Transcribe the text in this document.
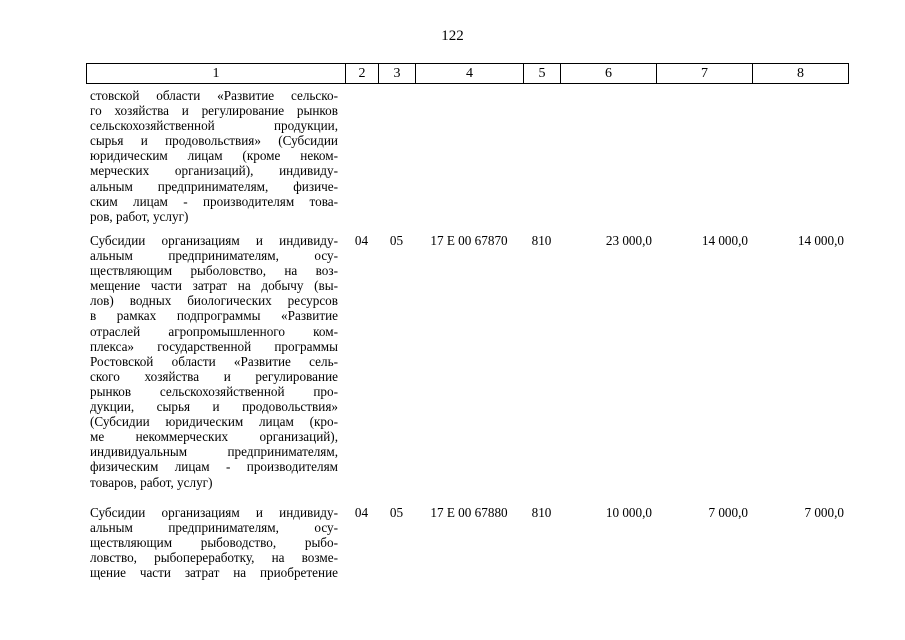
122
1	2	3	4	5	6	7	8
стовской области «Развитие сельско-
го хозяйства и регулирование рынков
сельскохозяйственной продукции,
сырья и продовольствия» (Субсидии
юридическим лицам (кроме неком-
мерческих организаций), индивиду-
альным предпринимателям, физиче-
ским лицам - производителям това-
ров, работ, услуг)
Субсидии организациям и индивиду-
альным предпринимателям, осу-
ществляющим рыболовство, на воз-
мещение части затрат на добычу (вы-
лов) водных биологических ресурсов
в рамках подпрограммы «Развитие
отраслей агропромышленного ком-
плекса» государственной программы
Ростовской области «Развитие сель-
ского хозяйства и регулирование
рынков сельскохозяйственной про-
дукции, сырья и продовольствия»
(Субсидии юридическим лицам (кро-
ме некоммерческих организаций),
индивидуальным предпринимателям,
физическим лицам - производителям
товаров, работ, услуг)
04	05	17 Е 00 67870	810	23 000,0	14 000,0	14 000,0
Субсидии организациям и индивиду-
альным предпринимателям, осу-
ществляющим рыбоводство, рыбо-
ловство, рыбопереработку, на возме-
щение части затрат на приобретение
04	05	17 Е 00 67880	810	10 000,0	7 000,0	7 000,0
